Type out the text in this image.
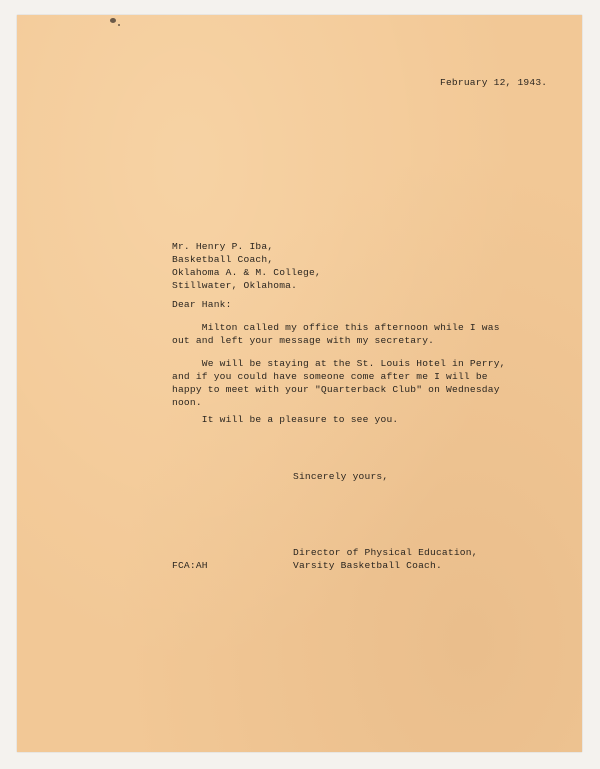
February 12, 1943.
Mr. Henry P. Iba,
Basketball Coach,
Oklahoma A. & M. College,
Stillwater, Oklahoma.
Dear Hank:
Milton called my office this afternoon while I was
out and left your message with my secretary.
We will be staying at the St. Louis Hotel in Perry,
and if you could have someone come after me I will be
happy to meet with your "Quarterback Club" on Wednesday
noon.
It will be a pleasure to see you.
Sincerely yours,
Director of Physical Education,
Varsity Basketball Coach.
FCA:AH
